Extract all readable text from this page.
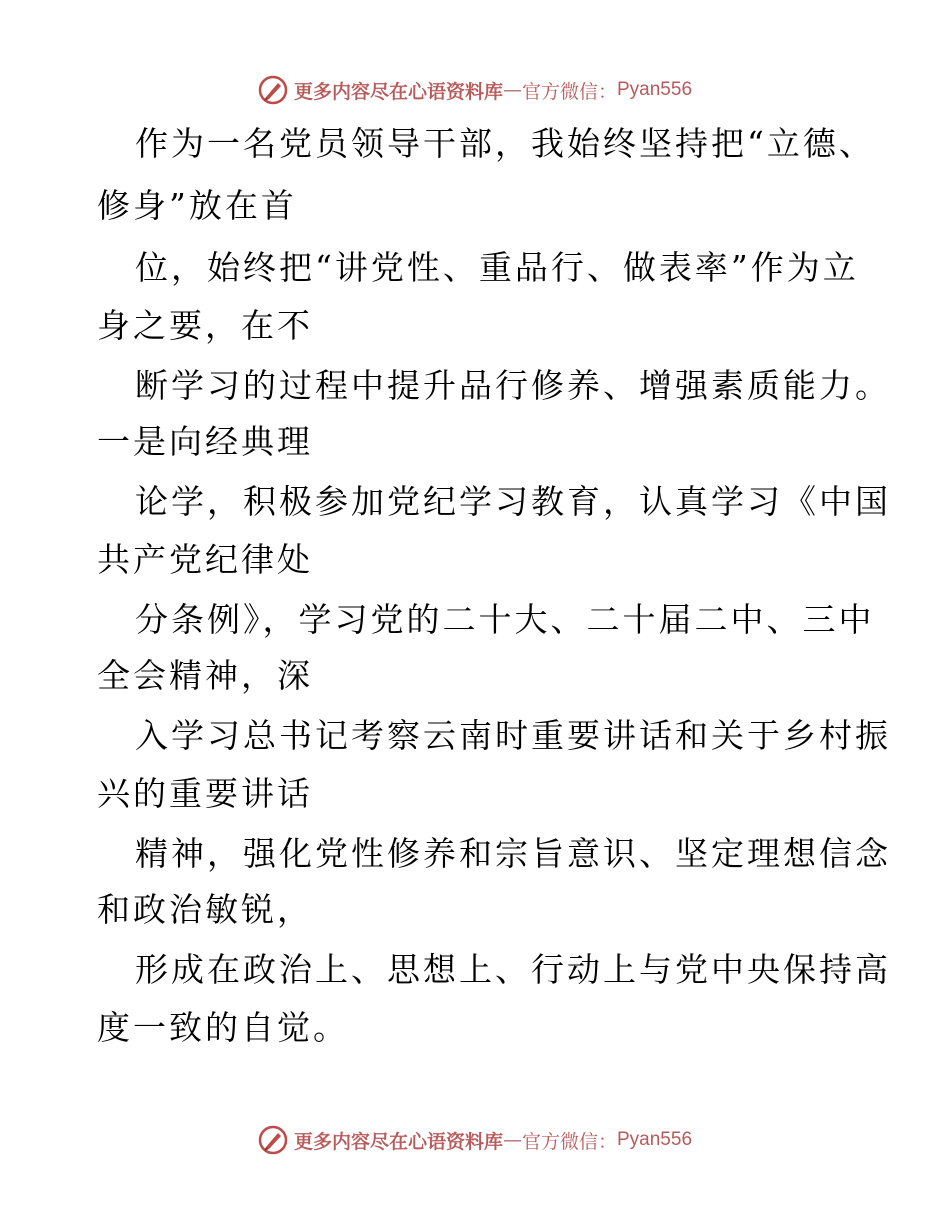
更多内容尽在心语资料库 — 官方微信： Pyan556
作为一名党员领导干部，我始终坚持把“立德、
修身”放在首
位，始终把“讲党性、重品行、做表率”作为立
身之要，在不
断学习的过程中提升品行修养、增强素质能力。
一是向经典理
论学，积极参加党纪学习教育，认真学习《中国
共产党纪律处
分条例》，学习党的二十大、二十届二中、三中
全会精神，深
入学习总书记考察云南时重要讲话和关于乡村振
兴的重要讲话
精神，强化党性修养和宗旨意识、坚定理想信念
和政治敏锐，
形成在政治上、思想上、行动上与党中央保持高
度一致的自觉。
更多内容尽在心语资料库 — 官方微信： Pyan556
